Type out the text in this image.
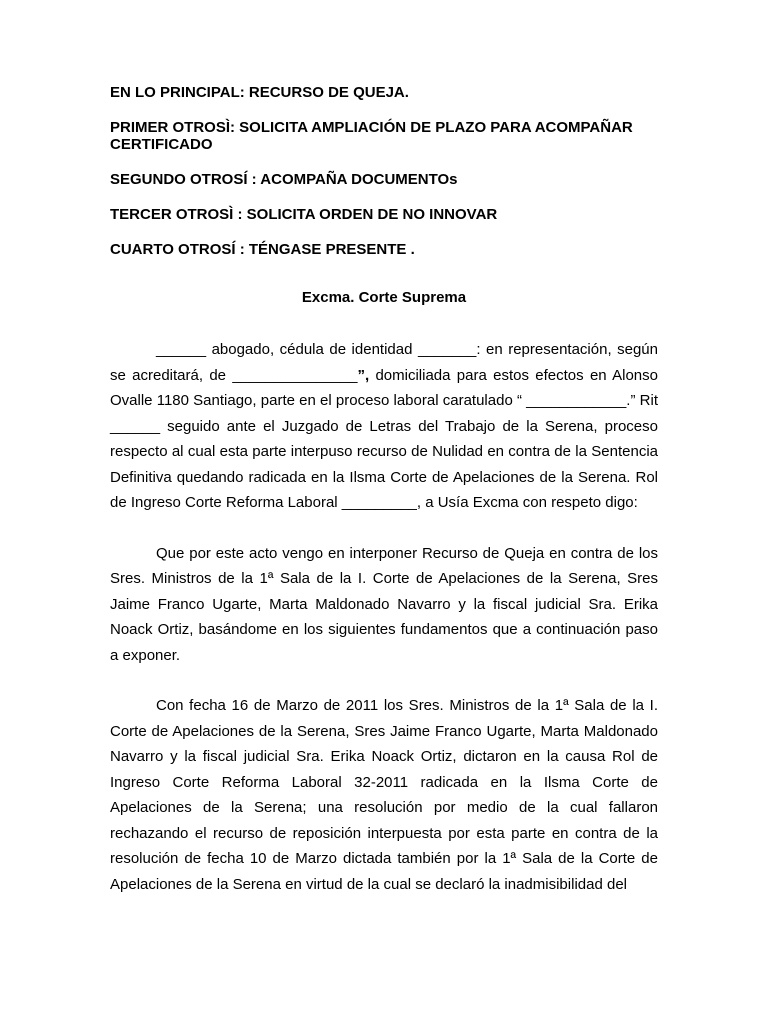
EN LO PRINCIPAL: RECURSO DE QUEJA.

PRIMER OTROSÌ: SOLICITA AMPLIACIÓN DE PLAZO PARA ACOMPAÑAR CERTIFICADO

SEGUNDO OTROSÍ : ACOMPAÑA DOCUMENTOs

TERCER OTROSÌ : SOLICITA ORDEN DE NO INNOVAR

CUARTO OTROSÍ : TÉNGASE PRESENTE .

Excma. Corte Suprema

______ abogado, cédula de identidad _______: en representación, según se acreditará, de _______________”, domiciliada para estos efectos en Alonso Ovalle 1180 Santiago, parte en el proceso laboral caratulado “ ____________.” Rit ______ seguido ante el Juzgado de Letras del Trabajo de la Serena, proceso respecto al cual esta parte interpuso recurso de Nulidad en contra de la Sentencia Definitiva quedando radicada en la Ilsma Corte de Apelaciones de la Serena. Rol de Ingreso Corte Reforma Laboral _________, a Usía Excma con respeto digo:

Que por este acto vengo en interponer Recurso de Queja en contra de los Sres. Ministros de la 1ª Sala de la I. Corte de Apelaciones de la Serena, Sres Jaime Franco Ugarte, Marta Maldonado Navarro y la fiscal judicial Sra. Erika Noack Ortiz, basándome en los siguientes fundamentos que a continuación paso a exponer.

Con fecha 16 de Marzo de 2011 los Sres. Ministros de la 1ª Sala de la I. Corte de Apelaciones de la Serena, Sres Jaime Franco Ugarte, Marta Maldonado Navarro y la fiscal judicial Sra. Erika Noack Ortiz, dictaron en la causa Rol de Ingreso Corte Reforma Laboral 32-2011 radicada en la Ilsma Corte de Apelaciones de la Serena; una resolución por medio de la cual fallaron rechazando el recurso de reposición interpuesta por esta parte en contra de la resolución de fecha 10 de Marzo dictada también por la 1ª Sala de la Corte de Apelaciones de la Serena en virtud de la cual se declaró la inadmisibilidad del
